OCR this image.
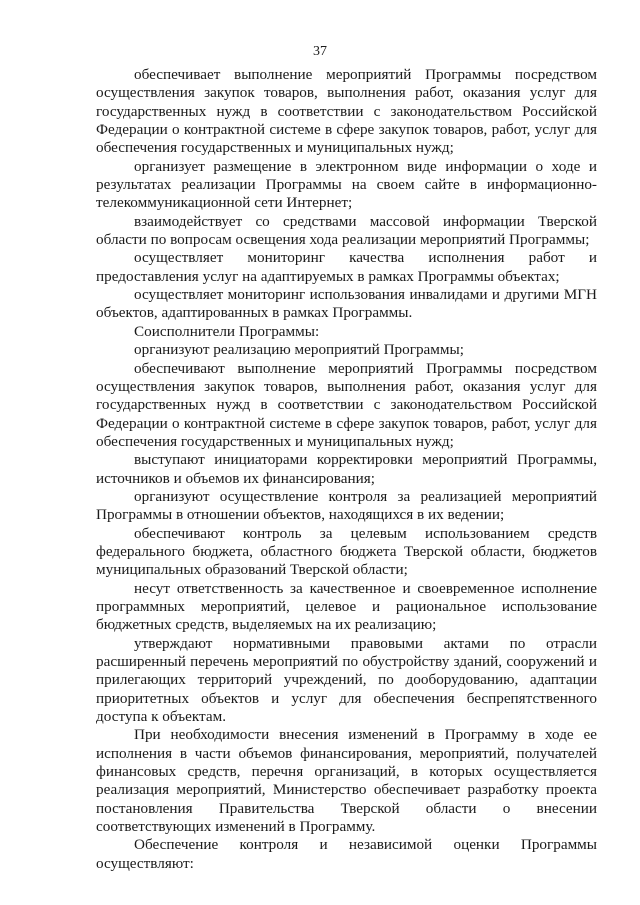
37

обеспечивает выполнение мероприятий Программы посредством осуществления закупок товаров, выполнения работ, оказания услуг для государственных нужд в соответствии с законодательством Российской Федерации о контрактной системе в сфере закупок товаров, работ, услуг для обеспечения государственных и муниципальных нужд;

организует размещение в электронном виде информации о ходе и результатах реализации Программы на своем сайте в информационно-телекоммуникационной сети Интернет;

взаимодействует со средствами массовой информации Тверской области по вопросам освещения хода реализации мероприятий Программы;

осуществляет мониторинг качества исполнения работ и предоставления услуг на адаптируемых в рамках Программы объектах;

осуществляет мониторинг использования инвалидами и другими МГН объектов, адаптированных в рамках Программы.

Соисполнители Программы:

организуют реализацию мероприятий Программы;

обеспечивают выполнение мероприятий Программы посредством осуществления закупок товаров, выполнения работ, оказания услуг для государственных нужд в соответствии с законодательством Российской Федерации о контрактной системе в сфере закупок товаров, работ, услуг для обеспечения государственных и муниципальных нужд;

выступают инициаторами корректировки мероприятий Программы, источников и объемов их финансирования;

организуют осуществление контроля за реализацией мероприятий Программы в отношении объектов, находящихся в их ведении;

обеспечивают контроль за целевым использованием средств федерального бюджета, областного бюджета Тверской области, бюджетов муниципальных образований Тверской области;

несут ответственность за качественное и своевременное исполнение программных мероприятий, целевое и рациональное использование бюджетных средств, выделяемых на их реализацию;

утверждают нормативными правовыми актами по отрасли расширенный перечень мероприятий по обустройству зданий, сооружений и прилегающих территорий учреждений, по дооборудованию, адаптации приоритетных объектов и услуг для обеспечения беспрепятственного доступа к объектам.

При необходимости внесения изменений в Программу в ходе ее исполнения в части объемов финансирования, мероприятий, получателей финансовых средств, перечня организаций, в которых осуществляется реализация мероприятий, Министерство обеспечивает разработку проекта постановления Правительства Тверской области о внесении соответствующих изменений в Программу.

Обеспечение контроля и независимой оценки Программы осуществляют:
